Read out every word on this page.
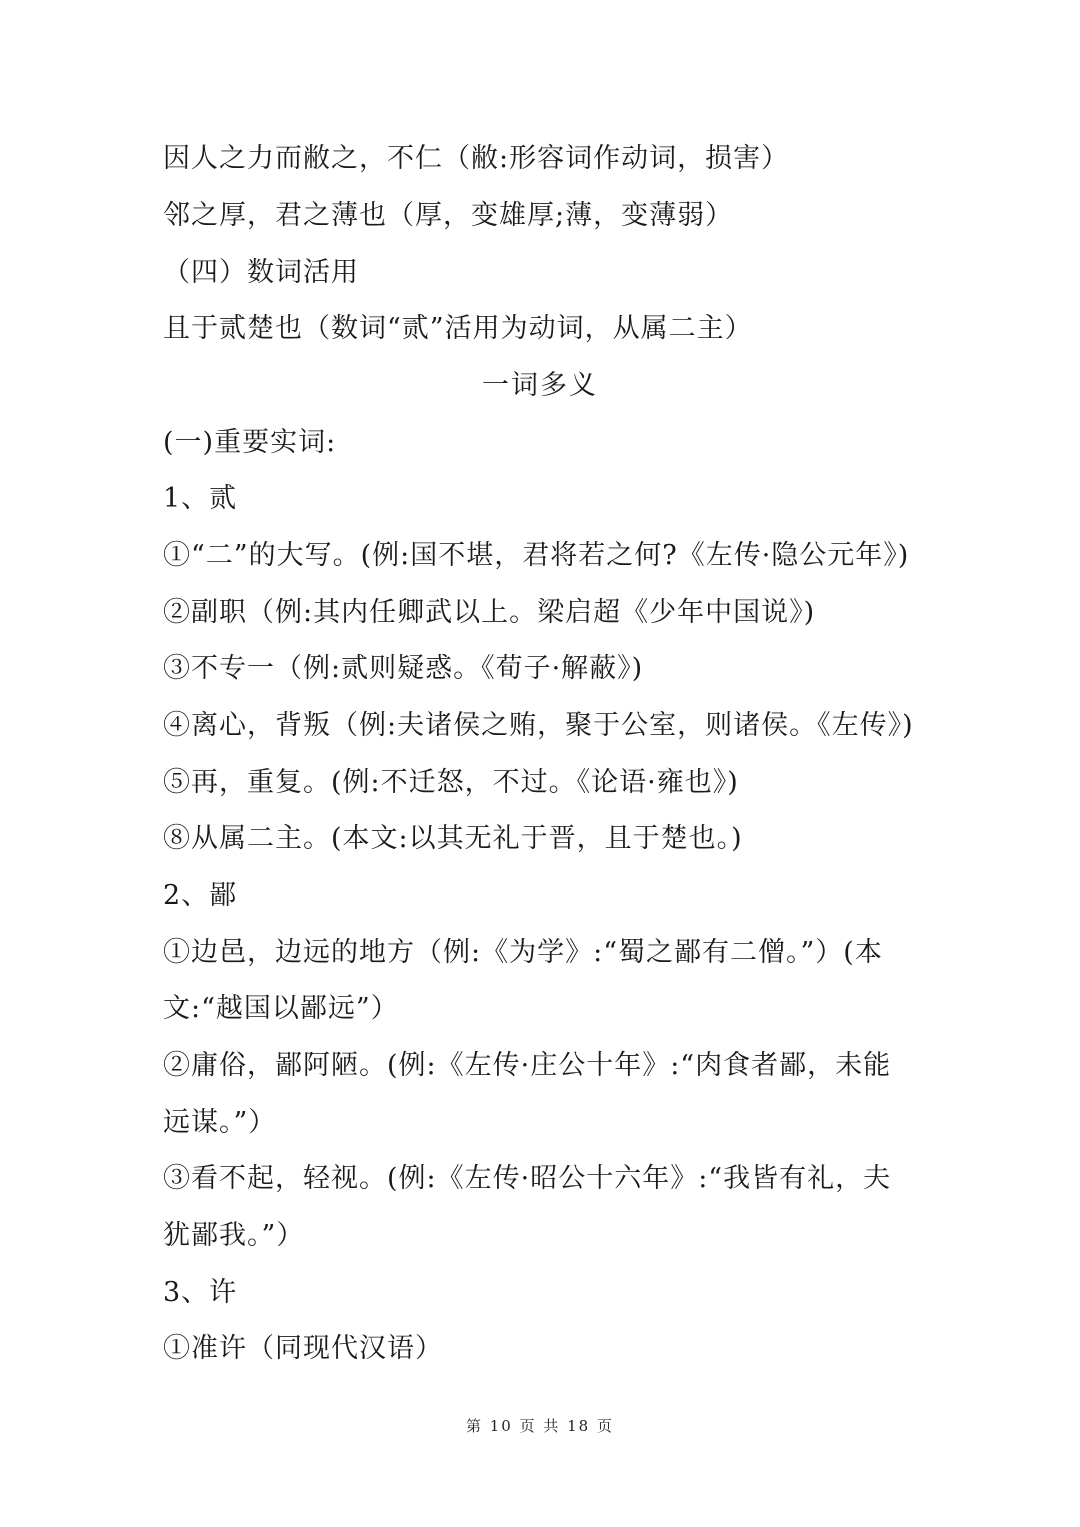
因人之力而敝之，不仁（敝:形容词作动词，损害）
邻之厚，君之薄也（厚，变雄厚;薄，变薄弱）
（四）数词活用
且于贰楚也（数词“贰”活用为动词，从属二主）
一词多义
(一)重要实词:
1、贰
①“二”的大写。(例:国不堪，君将若之何?《左传·隐公元年》)
②副职（例:其内任卿武以上。梁启超《少年中国说》)
③不专一（例:贰则疑惑。《荀子·解蔽》)
④离心，背叛（例:夫诸侯之贿，聚于公室，则诸侯。《左传》)
⑤再，重复。(例:不迁怒，不过。《论语·雍也》)
⑧从属二主。(本文:以其无礼于晋，且于楚也。)
2、鄙
①边邑，边远的地方（例:《为学》:“蜀之鄙有二僧。”）(本
文:“越国以鄙远”）
②庸俗，鄙阿陋。(例:《左传·庄公十年》:“肉食者鄙，未能
远谋。”）
③看不起，轻视。(例:《左传·昭公十六年》:“我皆有礼，夫
犹鄙我。”）
3、许
①准许（同现代汉语）
第 10 页 共 18 页
